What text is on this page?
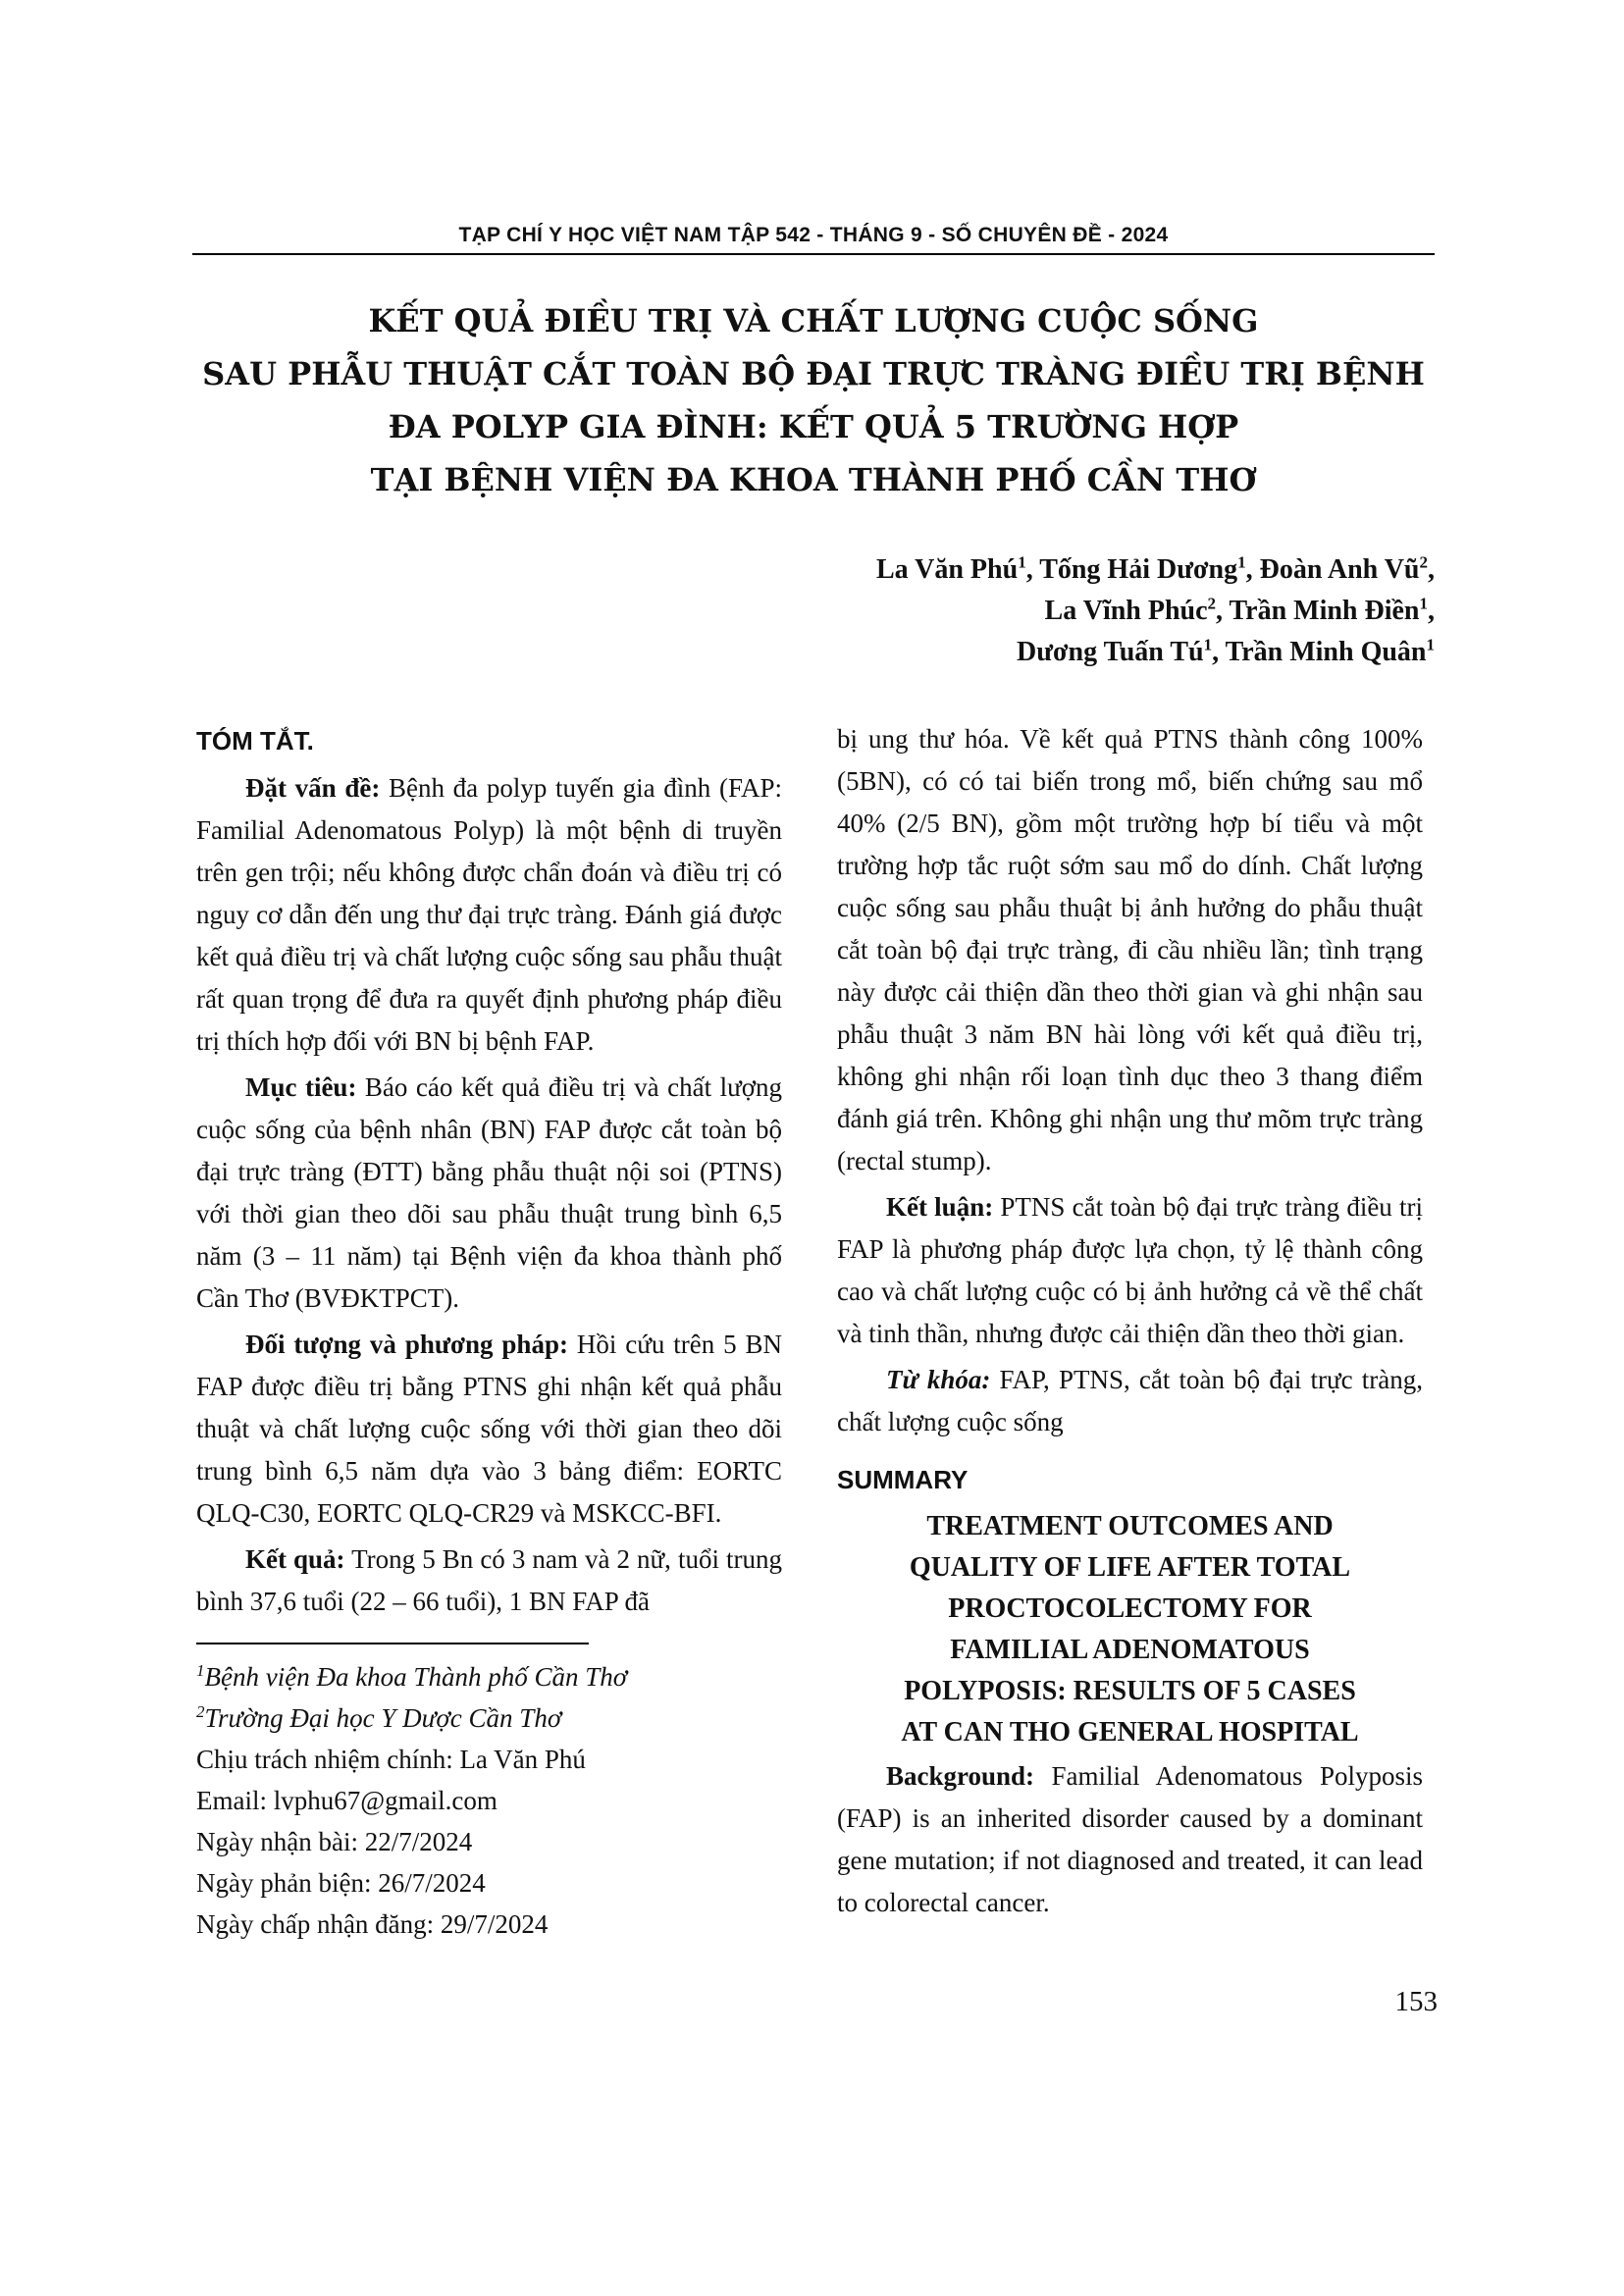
TẠP CHÍ Y HỌC VIỆT NAM TẬP 542 - THÁNG 9 - SỐ CHUYÊN ĐỀ - 2024
KẾT QUẢ ĐIỀU TRỊ VÀ CHẤT LƯỢNG CUỘC SỐNG
SAU PHẪU THUẬT CẮT TOÀN BỘ ĐẠI TRỰC TRÀNG ĐIỀU TRỊ BỆNH
ĐA POLYP GIA ĐÌNH: KẾT QUẢ 5 TRƯỜNG HỢP
TẠI BỆNH VIỆN ĐA KHOA THÀNH PHỐ CẦN THƠ
La Văn Phú$^1$, Tống Hải Dương$^1$, Đoàn Anh $Vũ^2$,
La Vĩnh Phúc$^2$, Trần Minh Điền$^1$,
Dương Tuấn $Tú^1$, Trần Minh Quân$^1$
TÓM TẮT.

Đặt vấn đề: Bệnh đa polyp tuyến gia đình (FAP: Familial Adenomatous Polyp) là một bệnh di truyền trên gen trội; nếu không được chẩn đoán và điều trị có nguy cơ dẫn đến ung thư đại trực tràng. Đánh giá được kết quả điều trị và chất lượng cuộc sống sau phẫu thuật rất quan trọng để đưa ra quyết định phương pháp điều trị thích hợp đối với BN bị bệnh FAP.

Mục tiêu: Báo cáo kết quả điều trị và chất lượng cuộc sống của bệnh nhân (BN) FAP được cắt toàn bộ đại trực tràng (ĐTT) bằng phẫu thuật nội soi (PTNS) với thời gian theo dõi sau phẫu thuật trung bình 6,5 năm (3 – 11 năm) tại Bệnh viện đa khoa thành phố Cần Thơ (BVĐKTPCT).

Đối tượng và phương pháp: Hồi cứu trên 5 BN FAP được điều trị bằng PTNS ghi nhận kết quả phẫu thuật và chất lượng cuộc sống với thời gian theo dõi trung bình 6,5 năm dựa vào 3 bảng điểm: EORTC QLQ-C30, EORTC QLQ-CR29 và MSKCC-BFI.

Kết quả: Trong 5 Bn có 3 nam và 2 nữ, tuổi trung bình 37,6 tuổi (22 – 66 tuổi), 1 BN FAP đã

$^1$Bệnh viện Đa khoa Thành phố Cần Thơ

$^2$Trường Đại học Y Dược Cần Thơ

Chịu trách nhiệm chính: La Văn Phú

Email: lvphu67@gmail.com

Ngày nhận bài: 22/7/2024

Ngày phản biện: 26/7/2024

Ngày chấp nhận đăng: 29/7/2024

bị ung thư hóa. Về kết quả PTNS thành công 100% (5BN), có có tai biến trong mổ, biến chứng sau mổ 40% (2/5 BN), gồm một trường hợp bí tiểu và một trường hợp tắc ruột sớm sau mổ do dính. Chất lượng cuộc sống sau phẫu thuật bị ảnh hưởng do phẫu thuật cắt toàn bộ đại trực tràng, đi cầu nhiều lần; tình trạng này được cải thiện dần theo thời gian và ghi nhận sau phẫu thuật 3 năm BN hài lòng với kết quả điều trị, không ghi nhận rối loạn tình dục theo 3 thang điểm đánh giá trên. Không ghi nhận ung thư mõm trực tràng (rectal stump).

Kết luận: PTNS cắt toàn bộ đại trực tràng điều trị FAP là phương pháp được lựa chọn, tỷ lệ thành công cao và chất lượng cuộc có bị ảnh hưởng cả về thể chất và tinh thần, nhưng được cải thiện dần theo thời gian.

Từ khóa: FAP, PTNS, cắt toàn bộ đại trực tràng, chất lượng cuộc sống

SUMMARY
TREATMENT OUTCOMES AND
QUALITY OF LIFE AFTER TOTAL
PROCTOCOLECTOMY FOR
FAMILIAL ADENOMATOUS
POLYPOSIS: RESULTS OF 5 CASES
AT CAN THO GENERAL HOSPITAL

Background: Familial Adenomatous Polyposis (FAP) is an inherited disorder caused by a dominant gene mutation; if not diagnosed and treated, it can lead to colorectal cancer.

153
